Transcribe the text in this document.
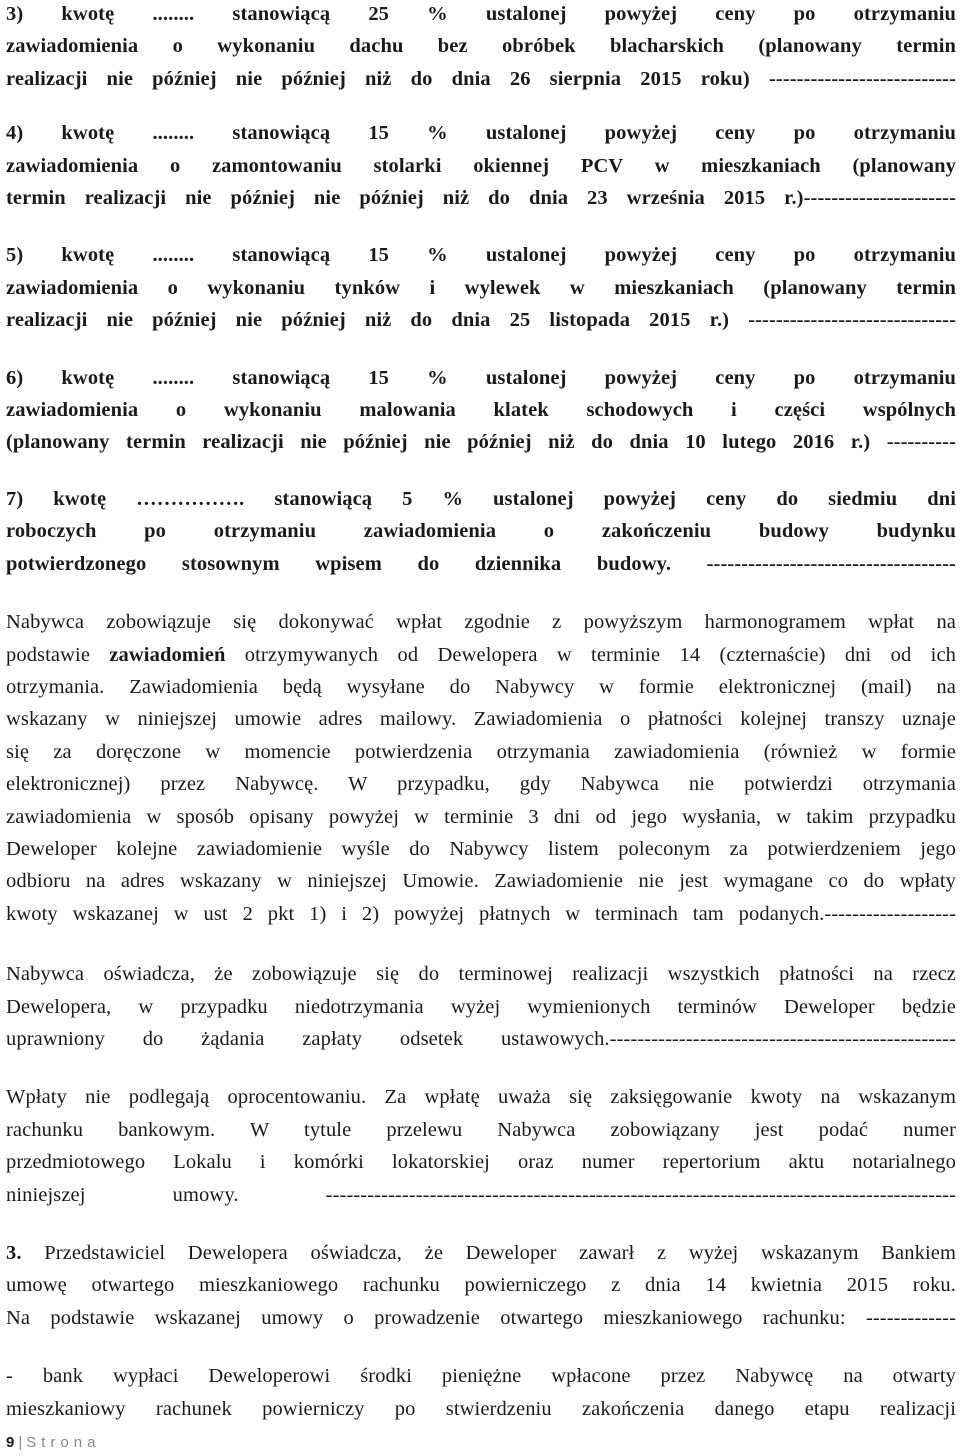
3) kwotę ........ stanowiącą 25 % ustalonej powyżej ceny po otrzymaniu
zawiadomienia o wykonaniu dachu bez obróbek blacharskich (planowany termin
realizacji nie później nie później niż do dnia 26 sierpnia 2015 roku) ---------------------------
4) kwotę ........ stanowiącą 15 % ustalonej powyżej ceny po otrzymaniu
zawiadomienia o zamontowaniu stolarki okiennej PCV w mieszkaniach (planowany
termin realizacji nie później nie później niż do dnia 23 września 2015 r.)----------------------
5) kwotę ........ stanowiącą 15 % ustalonej powyżej ceny po otrzymaniu
zawiadomienia o wykonaniu tynków i wylewek w mieszkaniach (planowany termin
realizacji nie później nie później niż do dnia 25 listopada 2015 r.) ------------------------------
6) kwotę ........ stanowiącą 15 % ustalonej powyżej ceny po otrzymaniu
zawiadomienia o wykonaniu malowania klatek schodowych i części wspólnych
(planowany termin realizacji nie później nie później niż do dnia 10 lutego 2016 r.) ----------
7) kwotę ……………. stanowiącą 5 % ustalonej powyżej ceny do siedmiu dni
roboczych po otrzymaniu zawiadomienia o zakończeniu budowy budynku
potwierdzonego stosownym wpisem do dziennika budowy. ------------------------------------
Nabywca zobowiązuje się dokonywać wpłat zgodnie z powyższym harmonogramem wpłat na
podstawie zawiadomień otrzymywanych od Dewelopera w terminie 14 (czternaście) dni od ich
otrzymania. Zawiadomienia będą wysyłane do Nabywcy w formie elektronicznej (mail) na
wskazany w niniejszej umowie adres mailowy. Zawiadomienia o płatności kolejnej transzy uznaje
się za doręczone w momencie potwierdzenia otrzymania zawiadomienia (również w formie
elektronicznej) przez Nabywcę. W przypadku, gdy Nabywca nie potwierdzi otrzymania
zawiadomienia w sposób opisany powyżej w terminie 3 dni od jego wysłania, w takim przypadku
Deweloper kolejne zawiadomienie wyśle do Nabywcy listem poleconym za potwierdzeniem jego
odbioru na adres wskazany w niniejszej Umowie. Zawiadomienie nie jest wymagane co do wpłaty
kwoty wskazanej w ust 2 pkt 1) i 2) powyżej płatnych w terminach tam podanych.-------------------
Nabywca oświadcza, że zobowiązuje się do terminowej realizacji wszystkich płatności na rzecz
Dewelopera, w przypadku niedotrzymania wyżej wymienionych terminów Deweloper będzie
uprawniony do żądania zapłaty odsetek ustawowych.--------------------------------------------------
Wpłaty nie podlegają oprocentowaniu. Za wpłatę uważa się zaksięgowanie kwoty na wskazanym
rachunku bankowym. W tytule przelewu Nabywca zobowiązany jest podać numer
przedmiotowego Lokalu i komórki lokatorskiej oraz numer repertorium aktu notarialnego
niniejszej umowy. -------------------------------------------------------------------------------------------
3. Przedstawiciel Dewelopera oświadcza, że Deweloper zawarł z wyżej wskazanym Bankiem
umowę otwartego mieszkaniowego rachunku powierniczego z dnia 14 kwietnia 2015 roku.
Na podstawie wskazanej umowy o prowadzenie otwartego mieszkaniowego rachunku: -------------
- bank wypłaci Deweloperowi środki pieniężne wpłacone przez Nabywcę na otwarty
mieszkaniowy rachunek powierniczy po stwierdzeniu zakończenia danego etapu realizacji
9 | Strona
